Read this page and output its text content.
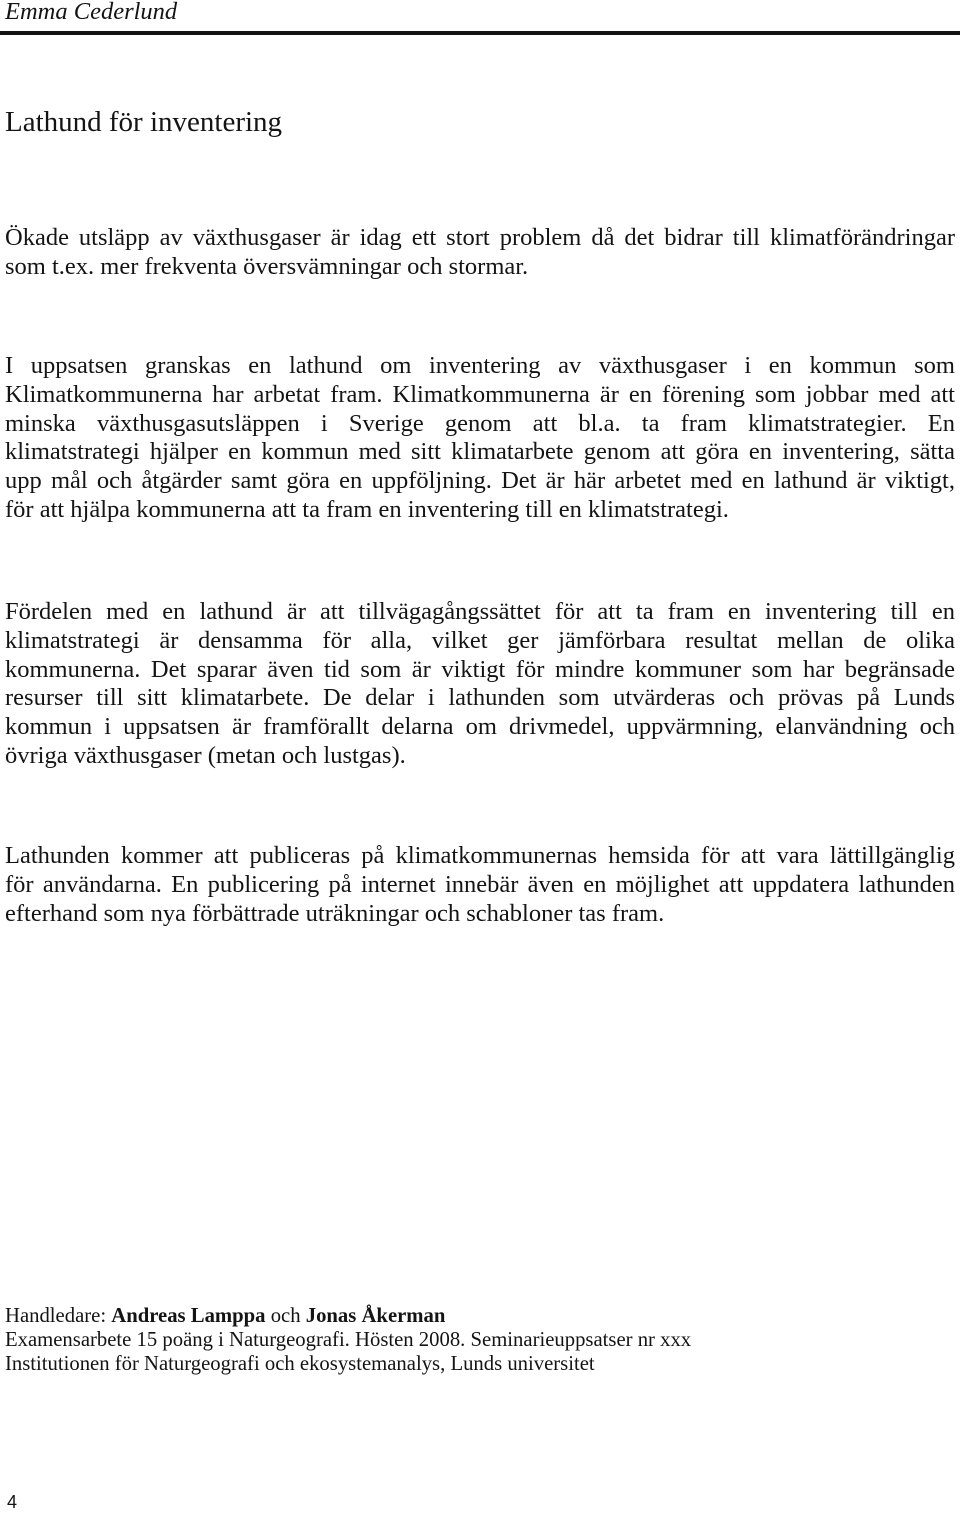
Emma Cederlund
Lathund för inventering
Ökade utsläpp av växthusgaser är idag ett stort problem då det bidrar till klimatförändringar
som t.ex. mer frekventa översvämningar och stormar.
I uppsatsen granskas en lathund om inventering av växthusgaser i en kommun som
Klimatkommunerna har arbetat fram. Klimatkommunerna är en förening som jobbar med att
minska växthusgasutsläppen i Sverige genom att bl.a. ta fram klimatstrategier. En
klimatstrategi hjälper en kommun med sitt klimatarbete genom att göra en inventering, sätta
upp mål och åtgärder samt göra en uppföljning. Det är här arbetet med en lathund är viktigt,
för att hjälpa kommunerna att ta fram en inventering till en klimatstrategi.
Fördelen med en lathund är att tillvägagångssättet för att ta fram en inventering till en
klimatstrategi är densamma för alla, vilket ger jämförbara resultat mellan de olika
kommunerna. Det sparar även tid som är viktigt för mindre kommuner som har begränsade
resurser till sitt klimatarbete. De delar i lathunden som utvärderas och prövas på Lunds
kommun i uppsatsen är framförallt delarna om drivmedel, uppvärmning, elanvändning och
övriga växthusgaser (metan och lustgas).
Lathunden kommer att publiceras på klimatkommunernas hemsida för att vara lättillgänglig
för användarna. En publicering på internet innebär även en möjlighet att uppdatera lathunden
efterhand som nya förbättrade uträkningar och schabloner tas fram.
Handledare: Andreas Lamppa och Jonas Åkerman
Examensarbete 15 poäng i Naturgeografi. Hösten 2008. Seminarieuppsatser nr xxx
Institutionen för Naturgeografi och ekosystemanalys, Lunds universitet
4
